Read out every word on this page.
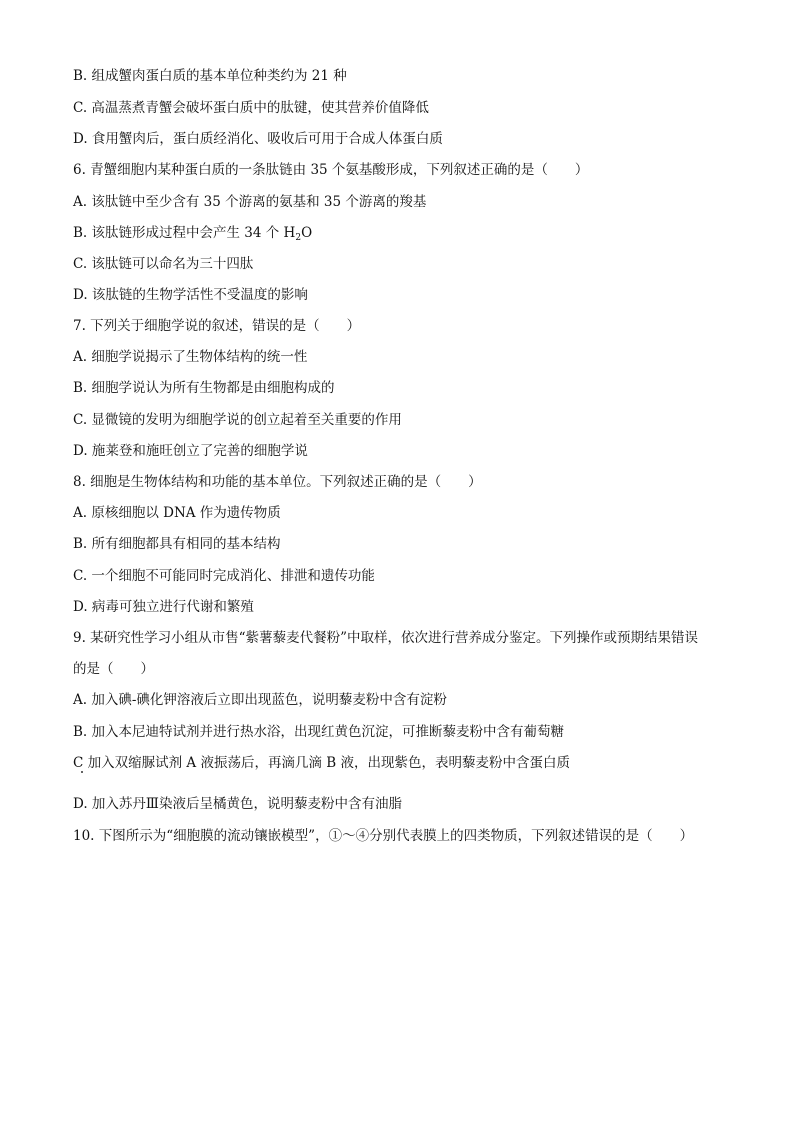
B. 组成蟹肉蛋白质的基本单位种类约为 21 种
C. 高温蒸煮青蟹会破坏蛋白质中的肽键，使其营养价值降低
D. 食用蟹肉后，蛋白质经消化、吸收后可用于合成人体蛋白质
6. 青蟹细胞内某种蛋白质的一条肽链由 35 个氨基酸形成，下列叙述正确的是（　　）
A. 该肽链中至少含有 35 个游离的氨基和 35 个游离的羧基
B. 该肽链形成过程中会产生 34 个 $H_2O$
C. 该肽链可以命名为三十四肽
D. 该肽链的生物学活性不受温度的影响
7. 下列关于细胞学说的叙述，错误的是（　　）
A. 细胞学说揭示了生物体结构的统一性
B. 细胞学说认为所有生物都是由细胞构成的
C. 显微镜的发明为细胞学说的创立起着至关重要的作用
D. 施莱登和施旺创立了完善的细胞学说
8. 细胞是生物体结构和功能的基本单位。下列叙述正确的是（　　）
A. 原核细胞以 DNA 作为遗传物质
B. 所有细胞都具有相同的基本结构
C. 一个细胞不可能同时完成消化、排泄和遗传功能
D. 病毒可独立进行代谢和繁殖
9. 某研究性学习小组从市售“紫薯藜麦代餐粉”中取样，依次进行营养成分鉴定。下列操作或预期结果错误
的是（　　）
A. 加入碘-碘化钾溶液后立即出现蓝色，说明藜麦粉中含有淀粉
B. 加入本尼迪特试剂并进行热水浴，出现红黄色沉淀，可推断藜麦粉中含有葡萄糖
C 加入双缩脲试剂 A 液振荡后，再滴几滴 B 液，出现紫色，表明藜麦粉中含蛋白质
D. 加入苏丹Ⅲ染液后呈橘黄色，说明藜麦粉中含有油脂
10. 下图所示为“细胞膜的流动镶嵌模型”，①～④分别代表膜上的四类物质，下列叙述错误的是（　　）
